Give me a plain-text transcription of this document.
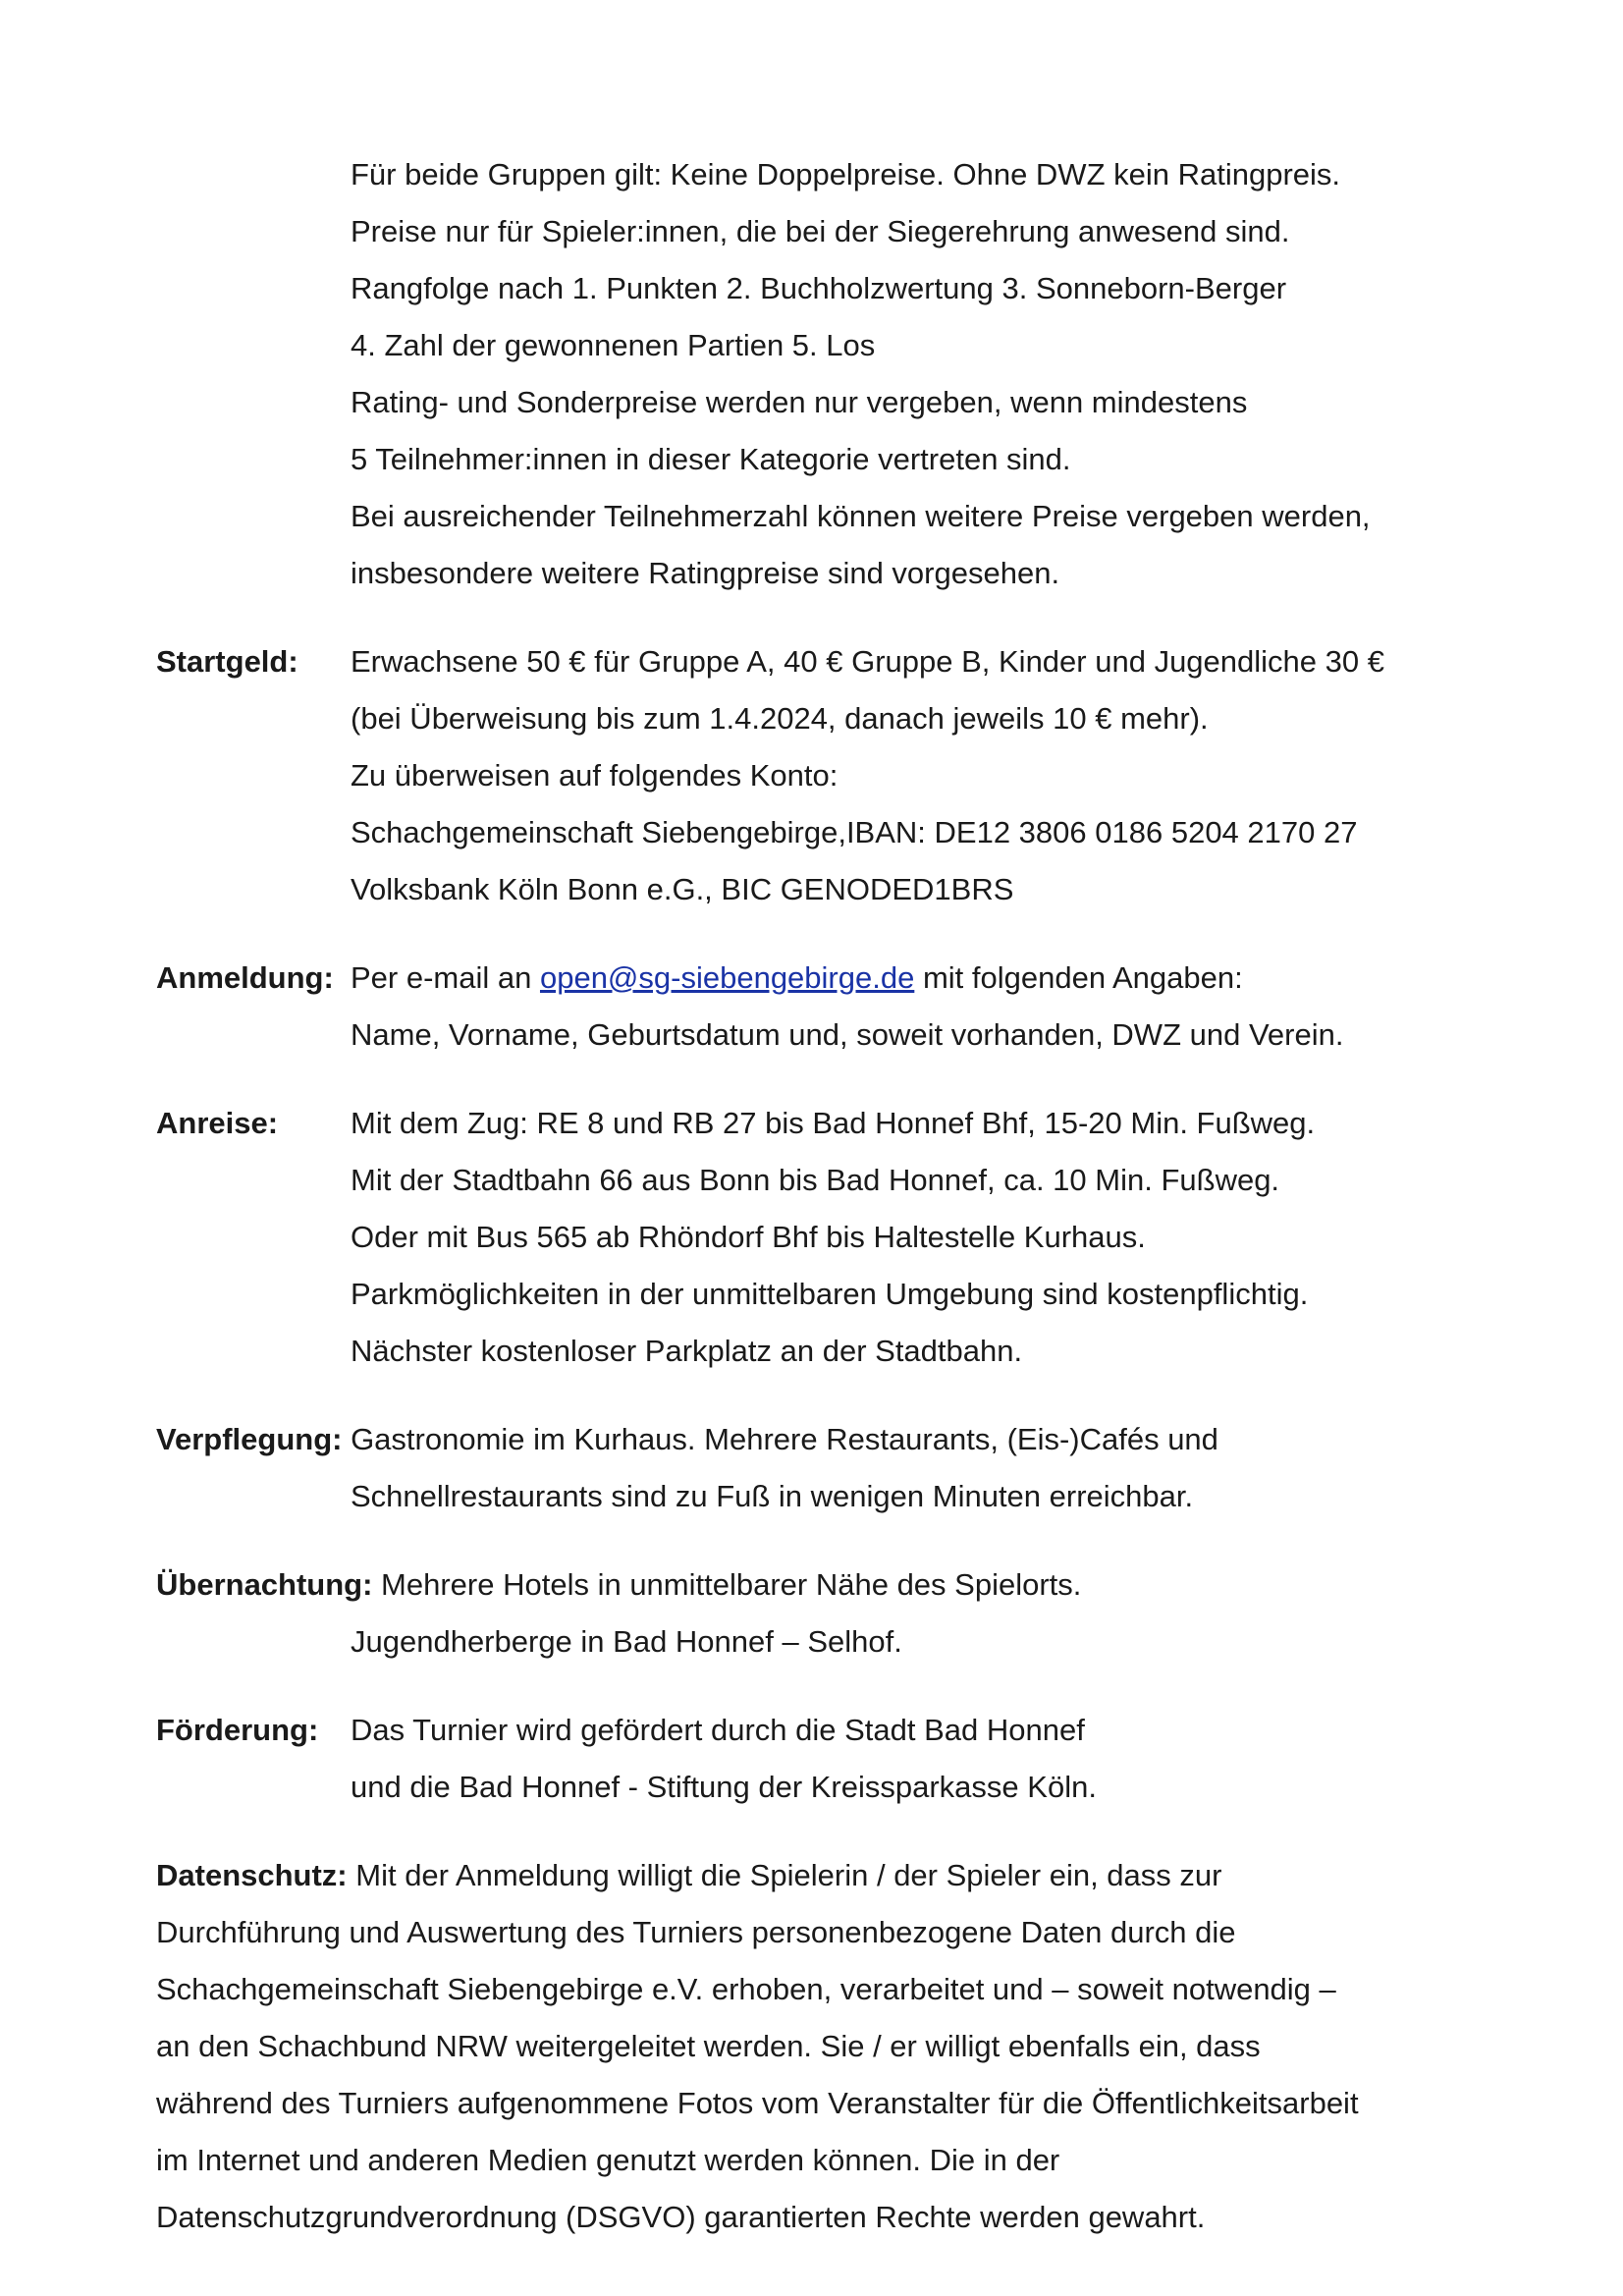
Für beide Gruppen gilt: Keine Doppelpreise. Ohne DWZ kein Ratingpreis.
Preise nur für Spieler:innen, die bei der Siegerehrung anwesend sind.
Rangfolge nach 1. Punkten 2. Buchholzwertung 3. Sonneborn-Berger
4. Zahl der gewonnenen Partien 5. Los
Rating- und Sonderpreise werden nur vergeben, wenn mindestens
5 Teilnehmer:innen in dieser Kategorie vertreten sind.
Bei ausreichender Teilnehmerzahl können weitere Preise vergeben werden,
insbesondere weitere Ratingpreise sind vorgesehen.
Startgeld: Erwachsene 50 € für Gruppe A, 40 € Gruppe B, Kinder und Jugendliche 30 €
(bei Überweisung bis zum 1.4.2024, danach jeweils 10 € mehr).
Zu überweisen auf folgendes Konto:
Schachgemeinschaft Siebengebirge,IBAN: DE12 3806 0186 5204 2170 27
Volksbank Köln Bonn e.G., BIC GENODED1BRS
Anmeldung: Per e-mail an open@sg-siebengebirge.de mit folgenden Angaben:
Name, Vorname, Geburtsdatum und, soweit vorhanden, DWZ und Verein.
Anreise: Mit dem Zug: RE 8 und RB 27 bis Bad Honnef Bhf, 15-20 Min. Fußweg.
Mit der Stadtbahn 66 aus Bonn bis Bad Honnef, ca. 10 Min. Fußweg.
Oder mit Bus 565 ab Rhöndorf Bhf bis Haltestelle Kurhaus.
Parkmöglichkeiten in der unmittelbaren Umgebung sind kostenpflichtig.
Nächster kostenloser Parkplatz an der Stadtbahn.
Verpflegung: Gastronomie im Kurhaus. Mehrere Restaurants, (Eis-)Cafés und
Schnellrestaurants sind zu Fuß in wenigen Minuten erreichbar.
Übernachtung: Mehrere Hotels in unmittelbarer Nähe des Spielorts.
Jugendherberge in Bad Honnef – Selhof.
Förderung: Das Turnier wird gefördert durch die Stadt Bad Honnef
und die Bad Honnef - Stiftung der Kreissparkasse Köln.
Datenschutz: Mit der Anmeldung willigt die Spielerin / der Spieler ein, dass zur
Durchführung und Auswertung des Turniers personenbezogene Daten durch die
Schachgemeinschaft Siebengebirge e.V. erhoben, verarbeitet und – soweit notwendig –
an den Schachbund NRW weitergeleitet werden. Sie / er willigt ebenfalls ein, dass
während des Turniers aufgenommene Fotos vom Veranstalter für die Öffentlichkeitsarbeit
im Internet und anderen Medien genutzt werden können. Die in der
Datenschutzgrundverordnung (DSGVO) garantierten Rechte werden gewahrt.
